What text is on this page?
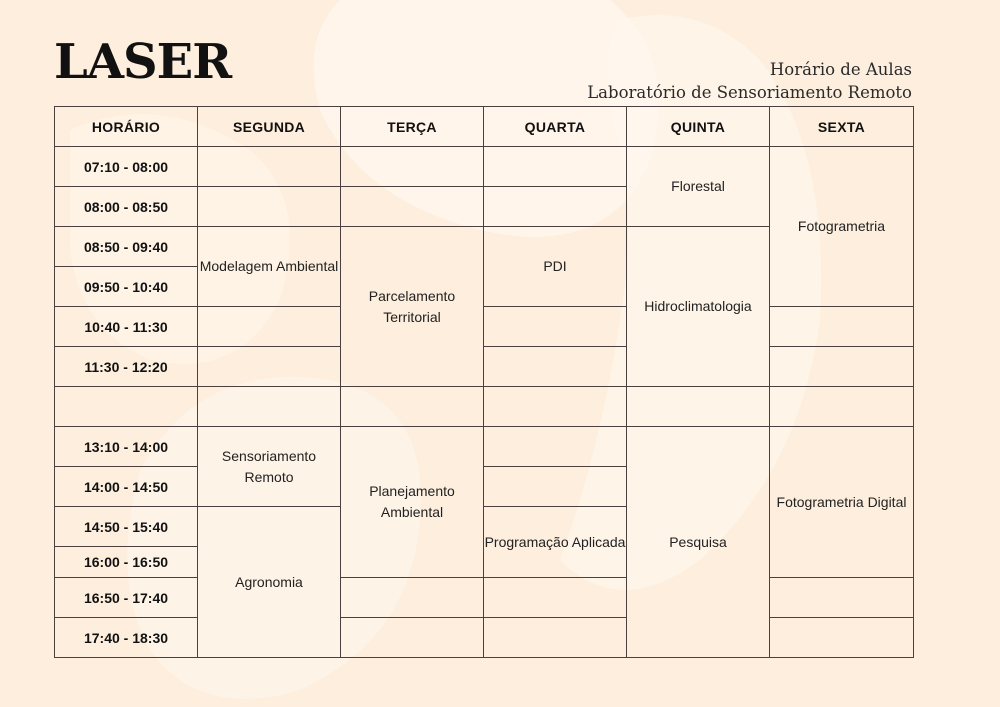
LASER	Horário de Aulas
Laboratório de Sensoriamento Remoto
HORÁRIO	SEGUNDA	TERÇA	QUARTA	QUINTA	SEXTA	
07:10 - 08:00				Florestal	Fotogrametria	
08:00 - 08:50						
08:50 - 09:40	Modelagem Ambiental	Parcelamento Territorial	PDI	Hidroclimatologia		
09:50 - 10:40						
10:40 - 11:30						
11:30 - 12:20						

13:10 - 14:00	Sensoriamento Remoto	Planejamento Ambiental		Pesquisa	Fotogrametria Digital	
14:00 - 14:50						
14:50 - 15:40	Agronomia		Programação Aplicada			
16:00 - 16:50						
16:50 - 17:40						
17:40 - 18:30						
